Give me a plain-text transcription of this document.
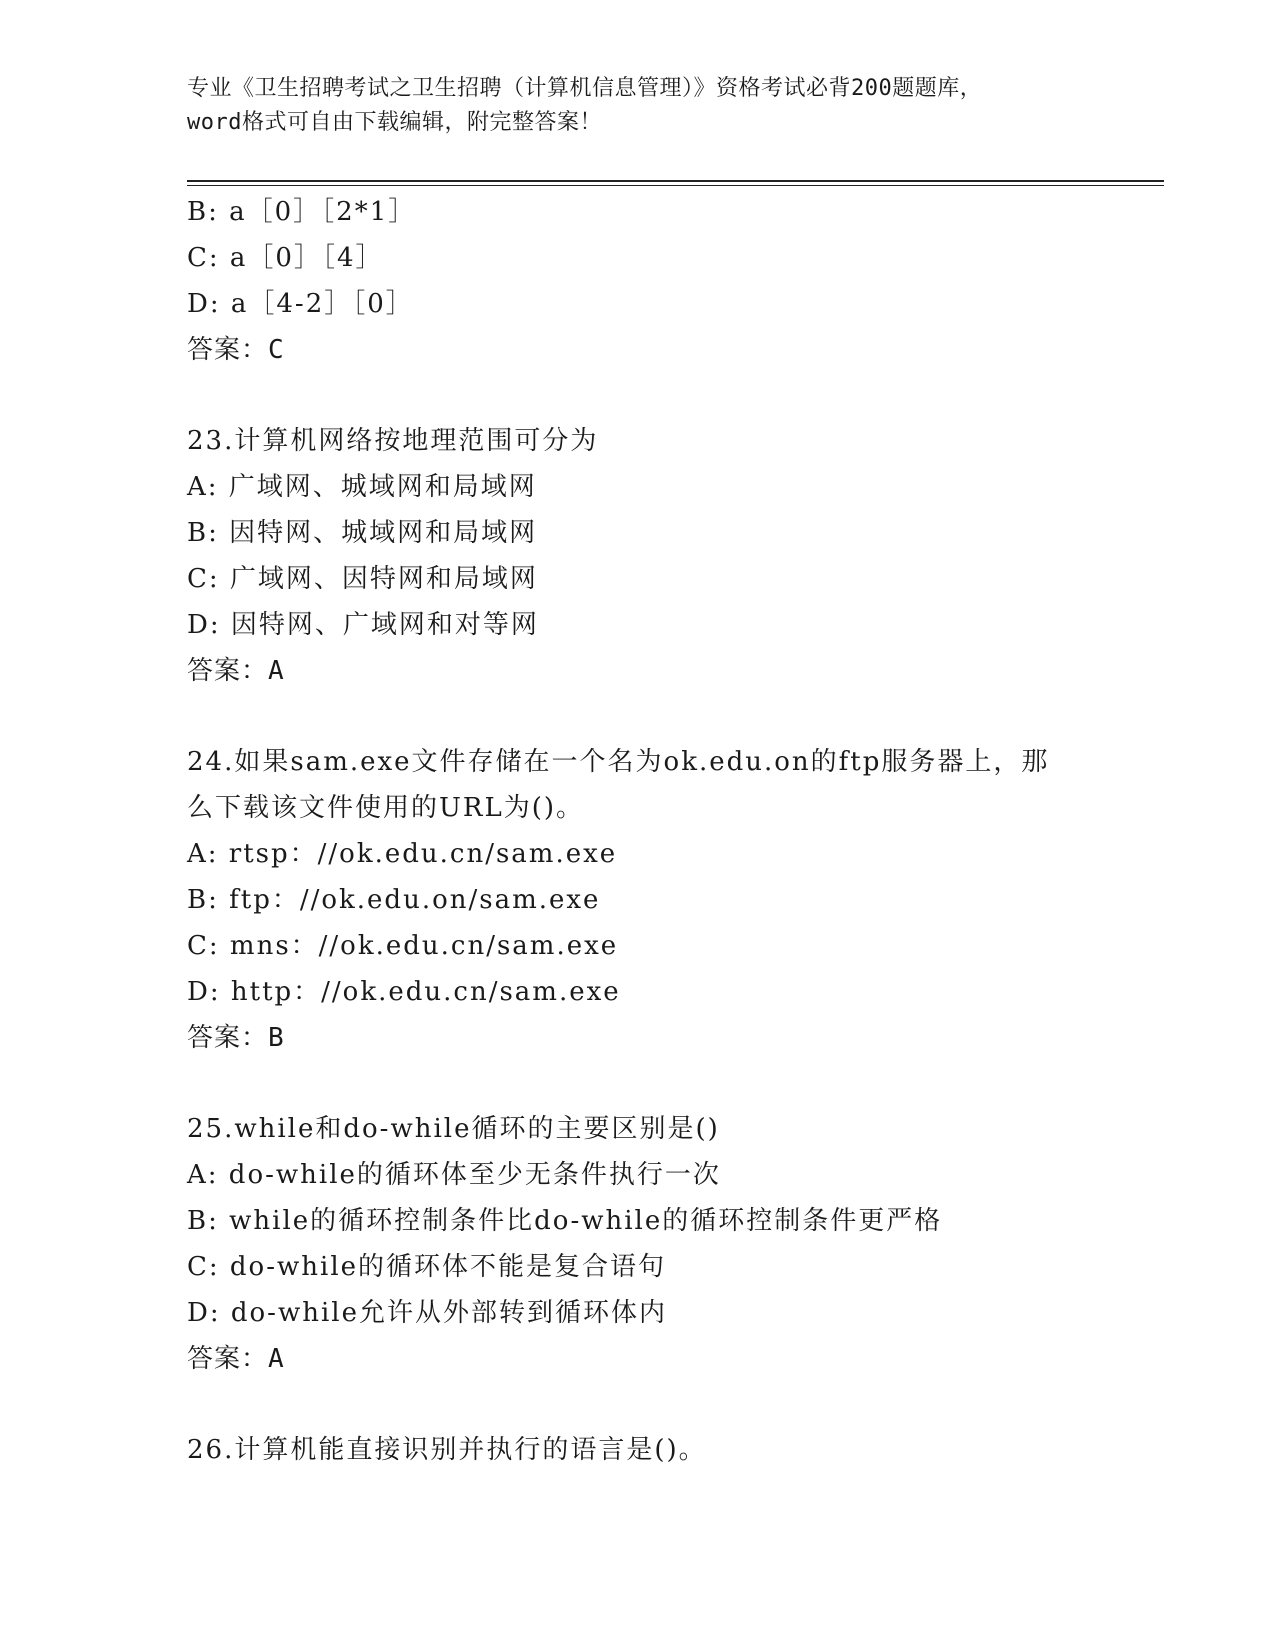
专业《卫生招聘考试之卫生招聘（计算机信息管理）》资格考试必背200题题库，
word格式可自由下载编辑，附完整答案！
B: a［0］［2*1］
C: a［0］［4］
D: a［4-2］［0］
答案：C
23.计算机网络按地理范围可分为
A: 广域网、城域网和局域网
B: 因特网、城域网和局域网
C: 广域网、因特网和局域网
D: 因特网、广域网和对等网
答案：A
24.如果sam.exe文件存储在一个名为ok.edu.on的ftp服务器上，那
么下载该文件使用的URL为()。
A: rtsp：//ok.edu.cn/sam.exe
B: ftp：//ok.edu.on/sam.exe
C: mns：//ok.edu.cn/sam.exe
D: http：//ok.edu.cn/sam.exe
答案：B
25.while和do-while循环的主要区别是()
A: do-while的循环体至少无条件执行一次
B: while的循环控制条件比do-while的循环控制条件更严格
C: do-while的循环体不能是复合语句
D: do-while允许从外部转到循环体内
答案：A
26.计算机能直接识别并执行的语言是()。
